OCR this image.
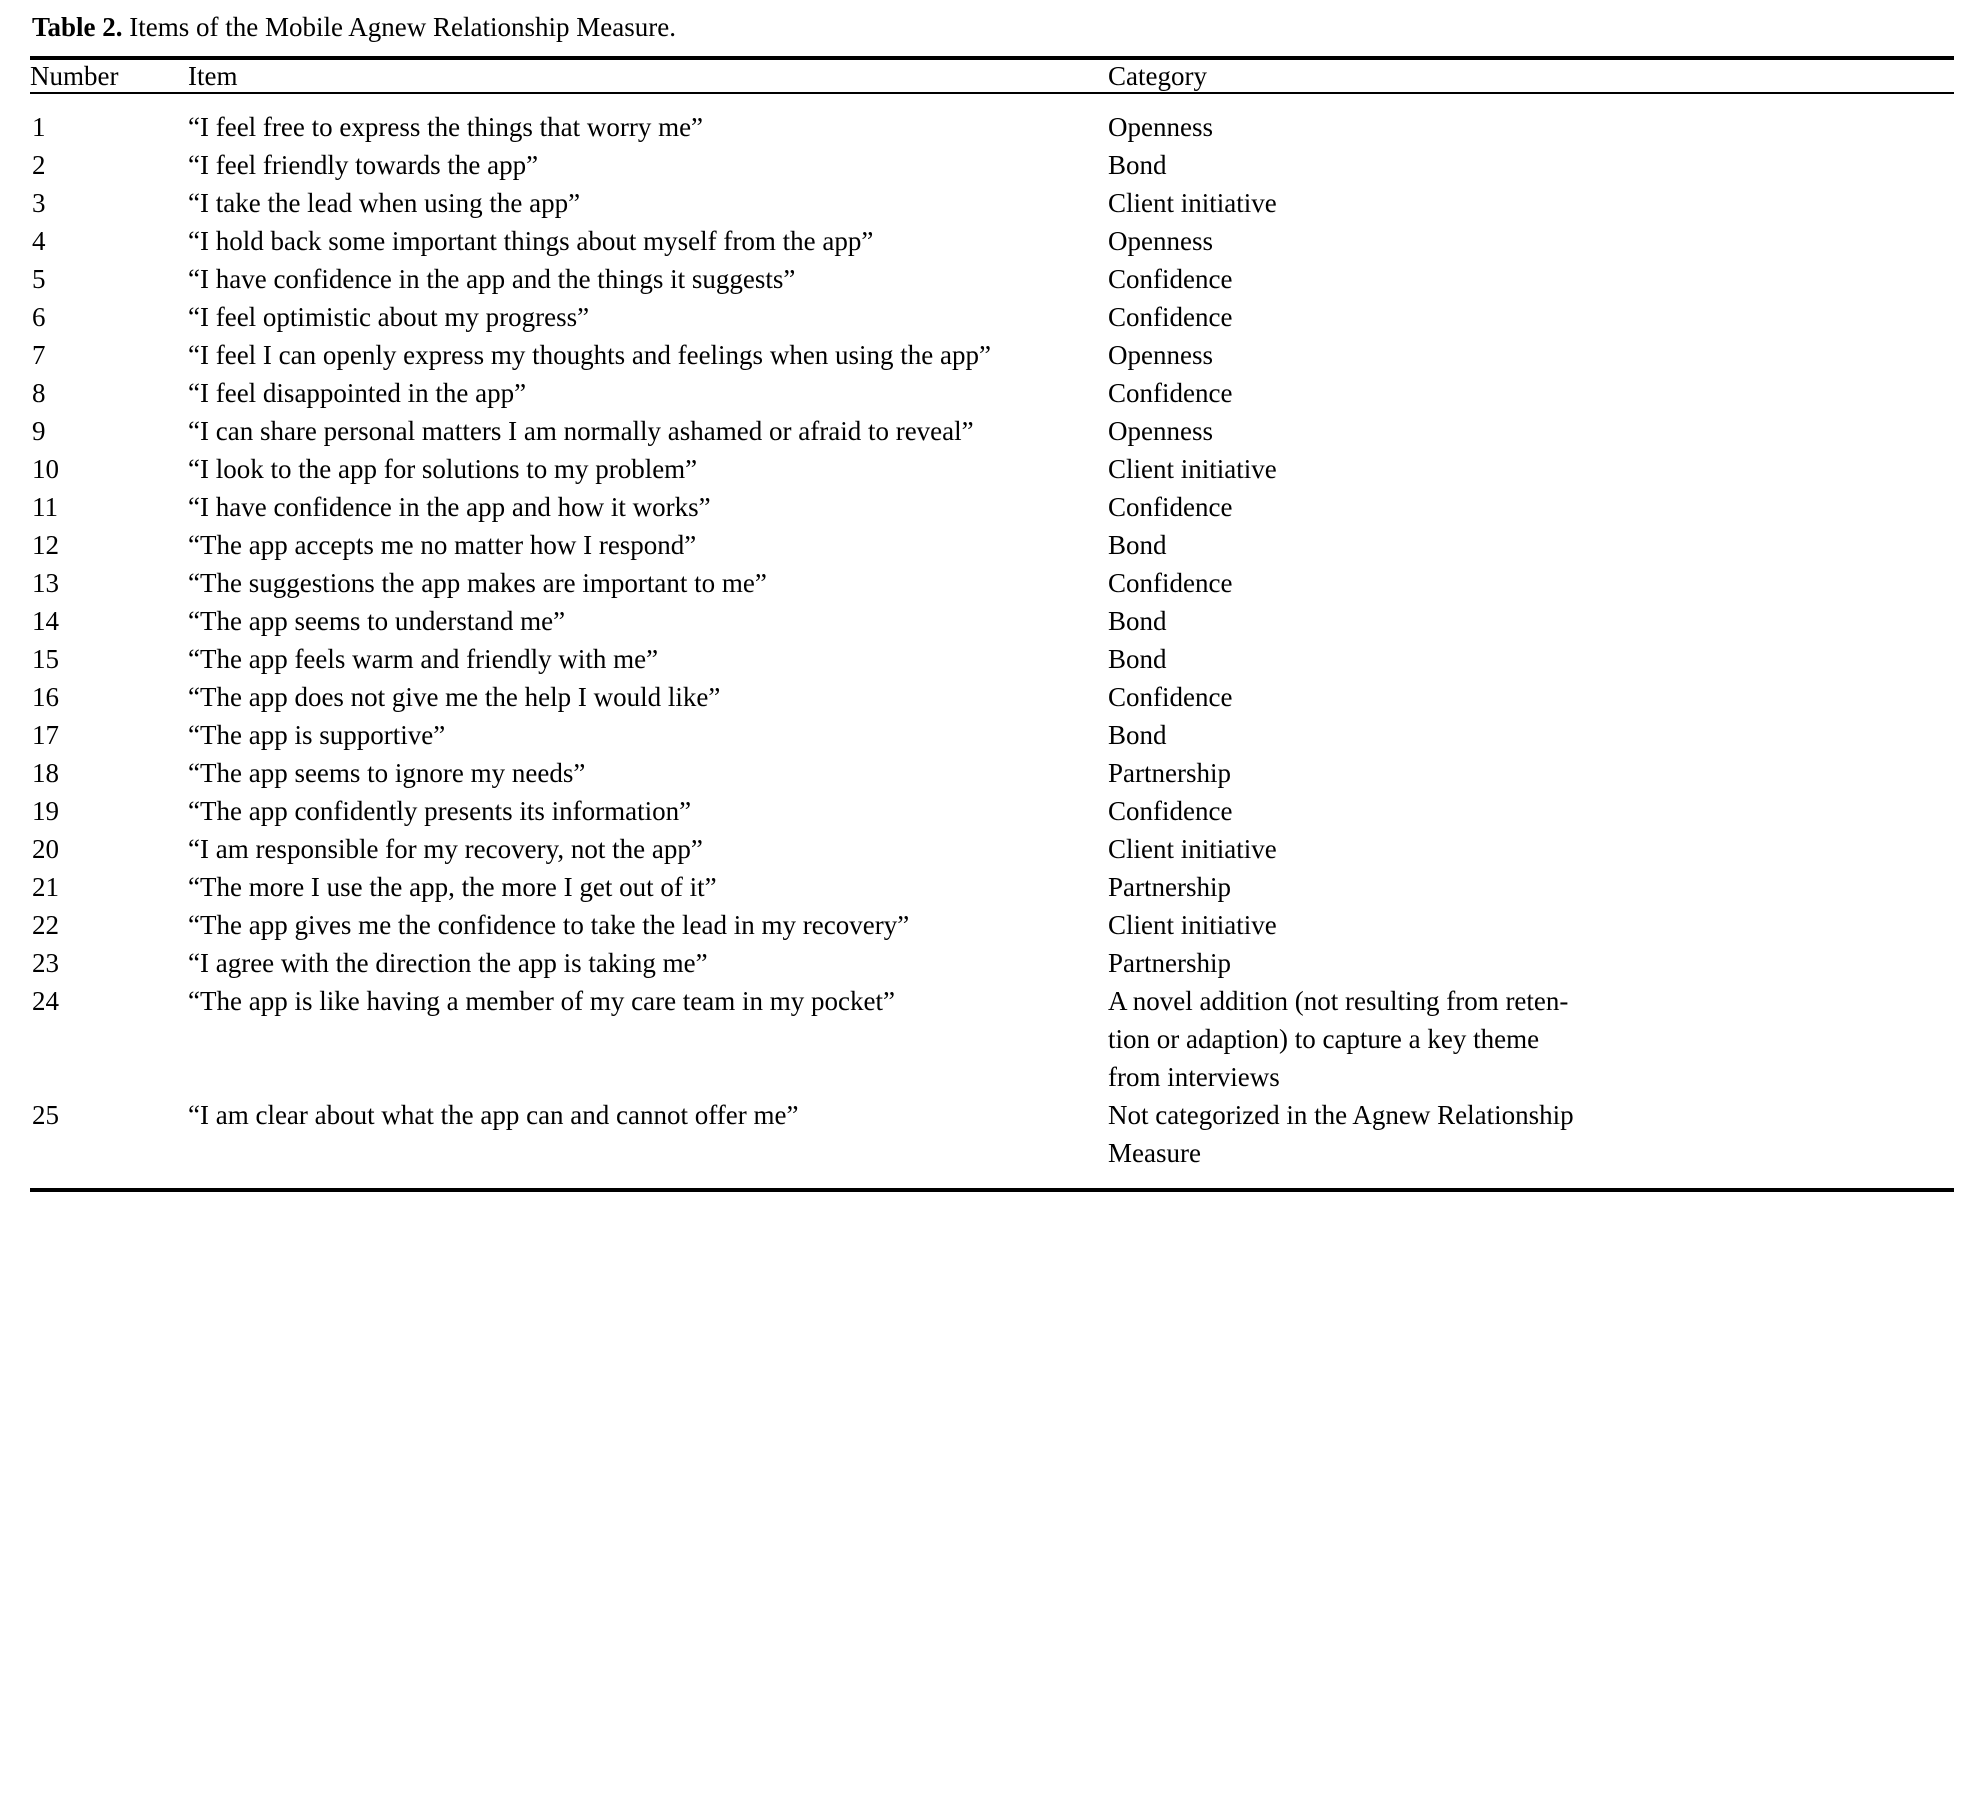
Table 2. Items of the Mobile Agnew Relationship Measure.
Number	Item	Category
1	“I feel free to express the things that worry me”	Openness
2	“I feel friendly towards the app”	Bond
3	“I take the lead when using the app”	Client initiative
4	“I hold back some important things about myself from the app”	Openness
5	“I have confidence in the app and the things it suggests”	Confidence
6	“I feel optimistic about my progress”	Confidence
7	“I feel I can openly express my thoughts and feelings when using the app”	Openness
8	“I feel disappointed in the app”	Confidence
9	“I can share personal matters I am normally ashamed or afraid to reveal”	Openness
10	“I look to the app for solutions to my problem”	Client initiative
11	“I have confidence in the app and how it works”	Confidence
12	“The app accepts me no matter how I respond”	Bond
13	“The suggestions the app makes are important to me”	Confidence
14	“The app seems to understand me”	Bond
15	“The app feels warm and friendly with me”	Bond
16	“The app does not give me the help I would like”	Confidence
17	“The app is supportive”	Bond
18	“The app seems to ignore my needs”	Partnership
19	“The app confidently presents its information”	Confidence
20	“I am responsible for my recovery, not the app”	Client initiative
21	“The more I use the app, the more I get out of it”	Partnership
22	“The app gives me the confidence to take the lead in my recovery”	Client initiative
23	“I agree with the direction the app is taking me”	Partnership
24	“The app is like having a member of my care team in my pocket”	A novel addition (not resulting from reten-
tion or adaption) to capture a key theme
from interviews

25	“I am clear about what the app can and cannot offer me”	Not categorized in the Agnew Relationship
Measure
